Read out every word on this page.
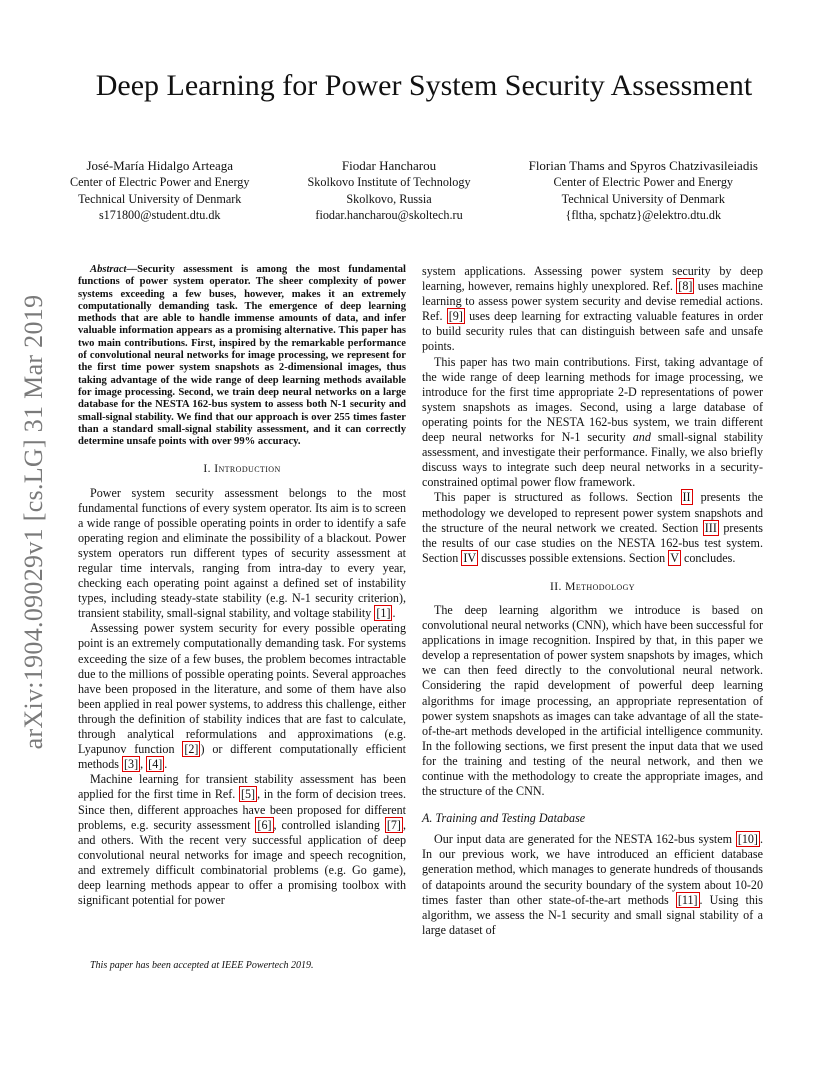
arXiv:1904.09029v1 [cs.LG] 31 Mar 2019
Deep Learning for Power System Security Assessment
José-María Hidalgo Arteaga
Center of Electric Power and Energy
Technical University of Denmark
s171800@student.dtu.dk
Fiodar Hancharou
Skolkovo Institute of Technology
Skolkovo, Russia
fiodar.hancharou@skoltech.ru
Florian Thams and Spyros Chatzivasileiadis
Center of Electric Power and Energy
Technical University of Denmark
{fltha, spchatz}@elektro.dtu.dk

Abstract—Security assessment is among the most fundamental functions of power system operator. The sheer complexity of power systems exceeding a few buses, however, makes it an extremely computationally demanding task. The emergence of deep learning methods that are able to handle immense amounts of data, and infer valuable information appears as a promising alternative. This paper has two main contributions. First, inspired by the remarkable performance of convolutional neural networks for image processing, we represent for the first time power system snapshots as 2-dimensional images, thus taking advantage of the wide range of deep learning methods available for image processing. Second, we train deep neural networks on a large database for the NESTA 162-bus system to assess both N-1 security and small-signal stability. We find that our approach is over 255 times faster than a standard small-signal stability assessment, and it can correctly determine unsafe points with over 99% accuracy.

I. Introduction

Power system security assessment belongs to the most fundamental functions of every system operator. Its aim is to screen a wide range of possible operating points in order to identify a safe operating region and eliminate the possibility of a blackout. Power system operators run different types of security assessment at regular time intervals, ranging from intra-day to every year, checking each operating point against a defined set of instability types, including steady-state stability (e.g. N-1 security criterion), transient stability, small-signal stability, and voltage stability [1] .

Assessing power system security for every possible operating point is an extremely computationally demanding task. For systems exceeding the size of a few buses, the problem becomes intractable due to the millions of possible operating points. Several approaches have been proposed in the literature, and some of them have also been applied in real power systems, to address this challenge, either through the definition of stability indices that are fast to calculate, through analytical reformulations and approximations (e.g. Lyapunov function [2] ) or different computationally efficient methods [3] , [4] .

Machine learning for transient stability assessment has been applied for the first time in Ref. [5] , in the form of decision trees. Since then, different approaches have been proposed for different problems, e.g. security assessment [6] , controlled islanding [7] , and others. With the recent very successful application of deep convolutional neural networks for image and speech recognition, and extremely difficult combinatorial problems (e.g. Go game), deep learning methods appear to offer a promising toolbox with significant potential for power

This paper has been accepted at IEEE Powertech 2019.

system applications. Assessing power system security by deep learning, however, remains highly unexplored. Ref. [8] uses machine learning to assess power system security and devise remedial actions. Ref. [9] uses deep learning for extracting valuable features in order to build security rules that can distinguish between safe and unsafe points.

This paper has two main contributions. First, taking advantage of the wide range of deep learning methods for image processing, we introduce for the first time appropriate 2-D representations of power system snapshots as images. Second, using a large database of operating points for the NESTA 162-bus system, we train different deep neural networks for N-1 security and small-signal stability assessment, and investigate their performance. Finally, we also briefly discuss ways to integrate such deep neural networks in a security-constrained optimal power flow framework.

This paper is structured as follows. Section II presents the methodology we developed to represent power system snapshots and the structure of the neural network we created. Section III presents the results of our case studies on the NESTA 162-bus test system. Section IV discusses possible extensions. Section V concludes.

II. Methodology

The deep learning algorithm we introduce is based on convolutional neural networks (CNN), which have been successful for applications in image recognition. Inspired by that, in this paper we develop a representation of power system snapshots by images, which we can then feed directly to the convolutional neural network. Considering the rapid development of powerful deep learning algorithms for image processing, an appropriate representation of power system snapshots as images can take advantage of all the state-of-the-art methods developed in the artificial intelligence community. In the following sections, we first present the input data that we used for the training and testing of the neural network, and then we continue with the methodology to create the appropriate images, and the structure of the CNN.

A. Training and Testing Database

Our input data are generated for the NESTA 162-bus system [10] . In our previous work, we have introduced an efficient database generation method, which manages to generate hundreds of thousands of datapoints around the security boundary of the system about 10-20 times faster than other state-of-the-art methods [11] . Using this algorithm, we assess the N-1 security and small signal stability of a large dataset of
